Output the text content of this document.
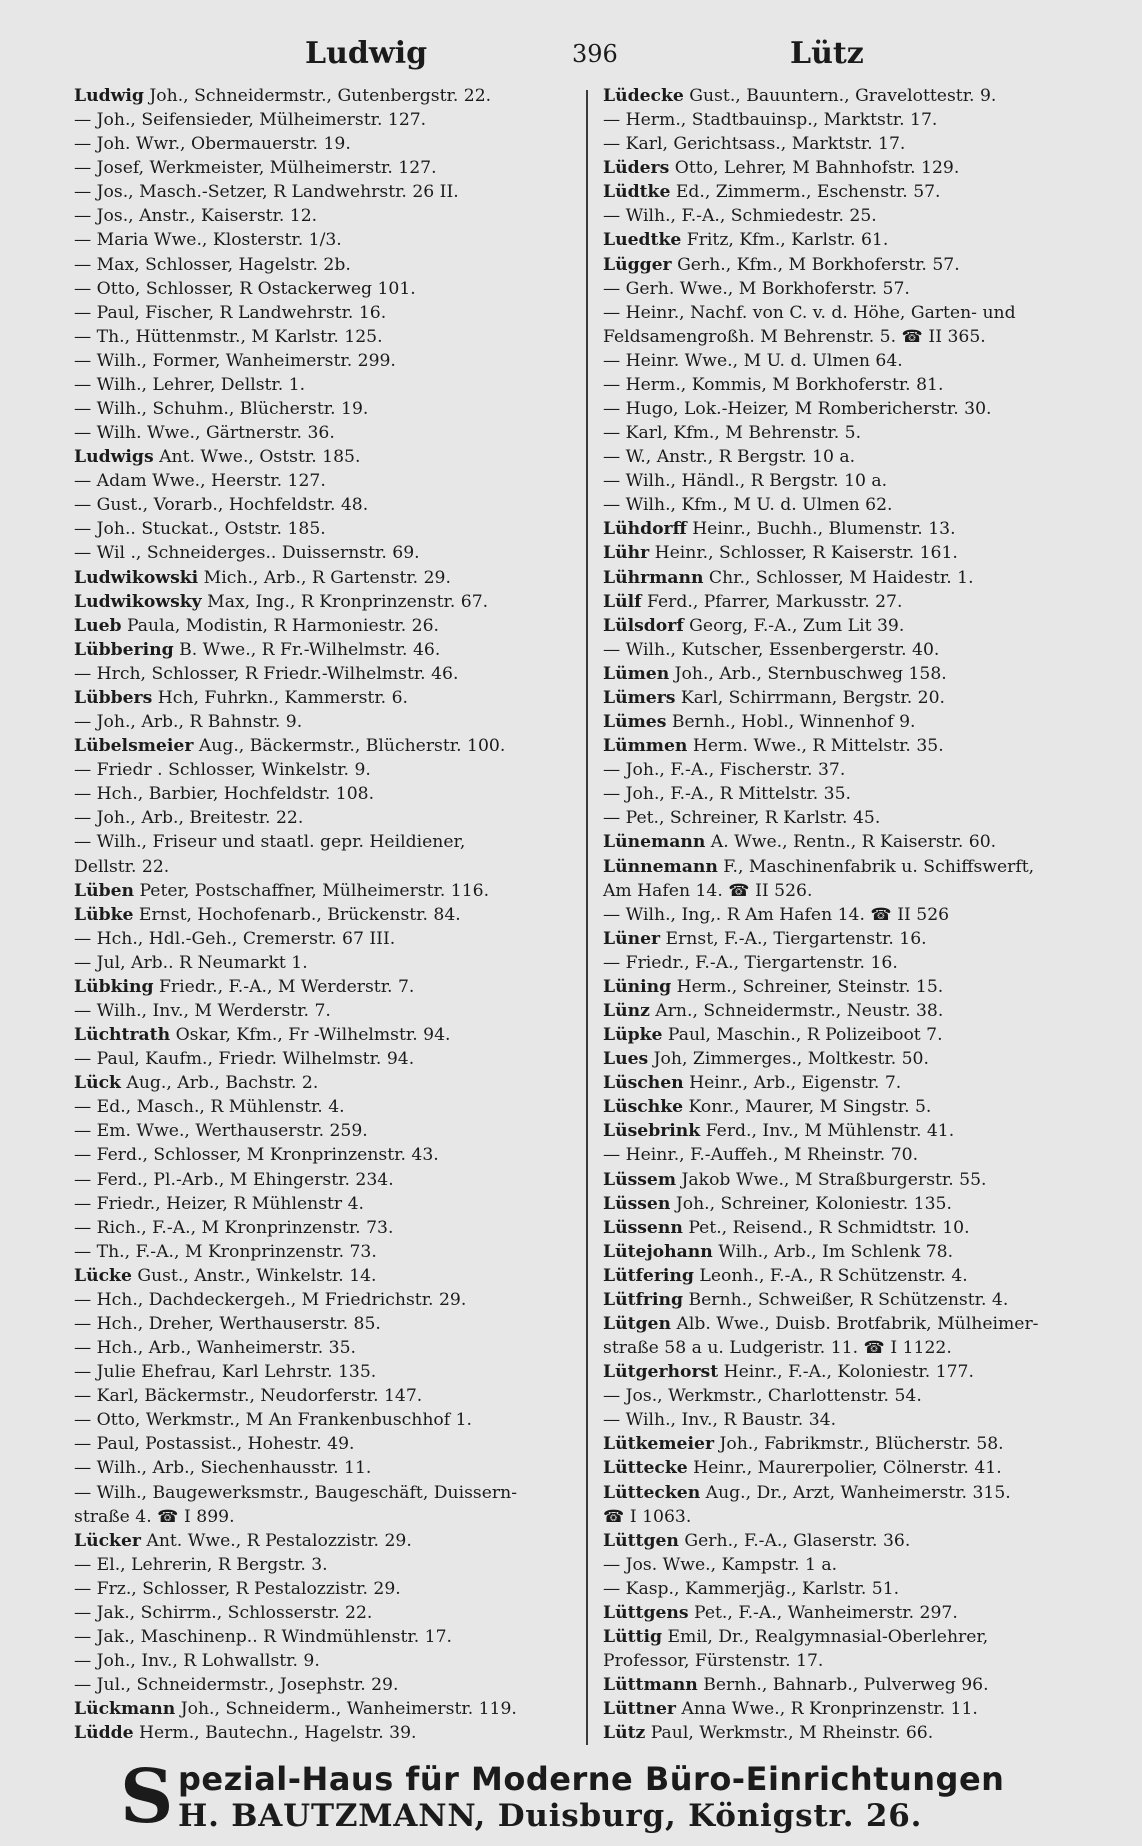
Ludwig	396	Lütz
Ludwig Joh., Schneidermstr., Gutenbergstr. 22.
— Joh., Seifensieder, Mülheimerstr. 127.
— Joh. Wwr., Obermauerstr. 19.
— Josef, Werkmeister, Mülheimerstr. 127.
— Jos., Masch.-Setzer, R Landwehrstr. 26 II.
— Jos., Anstr., Kaiserstr. 12.
— Maria Wwe., Klosterstr. 1/3.
— Max, Schlosser, Hagelstr. 2b.
— Otto, Schlosser, R Ostackerweg 101.
— Paul, Fischer, R Landwehrstr. 16.
— Th., Hüttenmstr., M Karlstr. 125.
— Wilh., Former, Wanheimerstr. 299.
— Wilh., Lehrer, Dellstr. 1.
— Wilh., Schuhm., Blücherstr. 19.
— Wilh. Wwe., Gärtnerstr. 36.
Ludwigs Ant. Wwe., Oststr. 185.
— Adam Wwe., Heerstr. 127.
— Gust., Vorarb., Hochfeldstr. 48.
— Joh.. Stuckat., Oststr. 185.
— Wil ., Schneiderges.. Duissernstr. 69.
Ludwikowski Mich., Arb., R Gartenstr. 29.
Ludwikowsky Max, Ing., R Kronprinzenstr. 67.
Lueb Paula, Modistin, R Harmoniestr. 26.
Lübbering B. Wwe., R Fr.-Wilhelmstr. 46.
— Hrch, Schlosser, R Friedr.-Wilhelmstr. 46.
Lübbers Hch, Fuhrkn., Kammerstr. 6.
— Joh., Arb., R Bahnstr. 9.
Lübelsmeier Aug., Bäckermstr., Blücherstr. 100.
— Friedr . Schlosser, Winkelstr. 9.
— Hch., Barbier, Hochfeldstr. 108.
— Joh., Arb., Breitestr. 22.
— Wilh., Friseur und staatl. gepr. Heildiener,
Dellstr. 22.
Lüben Peter, Postschaffner, Mülheimerstr. 116.
Lübke Ernst, Hochofenarb., Brückenstr. 84.
— Hch., Hdl.-Geh., Cremerstr. 67 III.
— Jul, Arb.. R Neumarkt 1.
Lübking Friedr., F.-A., M Werderstr. 7.
— Wilh., Inv., M Werderstr. 7.
Lüchtrath Oskar, Kfm., Fr -Wilhelmstr. 94.
— Paul, Kaufm., Friedr. Wilhelmstr. 94.
Lück Aug., Arb., Bachstr. 2.
— Ed., Masch., R Mühlenstr. 4.
— Em. Wwe., Werthauserstr. 259.
— Ferd., Schlosser, M Kronprinzenstr. 43.
— Ferd., Pl.-Arb., M Ehingerstr. 234.
— Friedr., Heizer, R Mühlenstr 4.
— Rich., F.-A., M Kronprinzenstr. 73.
— Th., F.-A., M Kronprinzenstr. 73.
Lücke Gust., Anstr., Winkelstr. 14.
— Hch., Dachdeckergeh., M Friedrichstr. 29.
— Hch., Dreher, Werthauserstr. 85.
— Hch., Arb., Wanheimerstr. 35.
— Julie Ehefrau, Karl Lehrstr. 135.
— Karl, Bäckermstr., Neudorferstr. 147.
— Otto, Werkmstr., M An Frankenbuschhof 1.
— Paul, Postassist., Hohestr. 49.
— Wilh., Arb., Siechenhausstr. 11.
— Wilh., Baugewerksmstr., Baugeschäft, Duissern-
straße 4. ☎ I 899.
Lücker Ant. Wwe., R Pestalozzistr. 29.
— El., Lehrerin, R Bergstr. 3.
— Frz., Schlosser, R Pestalozzistr. 29.
— Jak., Schirrm., Schlosserstr. 22.
— Jak., Maschinenp.. R Windmühlenstr. 17.
— Joh., Inv., R Lohwallstr. 9.
— Jul., Schneidermstr., Josephstr. 29.
Lückmann Joh., Schneiderm., Wanheimerstr. 119.
Lüdde Herm., Bautechn., Hagelstr. 39.
Lüdecke Gust., Bauuntern., Gravelottestr. 9.
— Herm., Stadtbauinsp., Marktstr. 17.
— Karl, Gerichtsass., Marktstr. 17.
Lüders Otto, Lehrer, M Bahnhofstr. 129.
Lüdtke Ed., Zimmerm., Eschenstr. 57.
— Wilh., F.-A., Schmiedestr. 25.
Luedtke Fritz, Kfm., Karlstr. 61.
Lügger Gerh., Kfm., M Borkhoferstr. 57.
— Gerh. Wwe., M Borkhoferstr. 57.
— Heinr., Nachf. von C. v. d. Höhe, Garten- und
Feldsamengroßh. M Behrenstr. 5. ☎ II 365.
— Heinr. Wwe., M U. d. Ulmen 64.
— Herm., Kommis, M Borkhoferstr. 81.
— Hugo, Lok.-Heizer, M Rombericherstr. 30.
— Karl, Kfm., M Behrenstr. 5.
— W., Anstr., R Bergstr. 10 a.
— Wilh., Händl., R Bergstr. 10 a.
— Wilh., Kfm., M U. d. Ulmen 62.
Lühdorff Heinr., Buchh., Blumenstr. 13.
Lühr Heinr., Schlosser, R Kaiserstr. 161.
Lührmann Chr., Schlosser, M Haidestr. 1.
Lülf Ferd., Pfarrer, Markusstr. 27.
Lülsdorf Georg, F.-A., Zum Lit 39.
— Wilh., Kutscher, Essenbergerstr. 40.
Lümen Joh., Arb., Sternbuschweg 158.
Lümers Karl, Schirrmann, Bergstr. 20.
Lümes Bernh., Hobl., Winnenhof 9.
Lümmen Herm. Wwe., R Mittelstr. 35.
— Joh., F.-A., Fischerstr. 37.
— Joh., F.-A., R Mittelstr. 35.
— Pet., Schreiner, R Karlstr. 45.
Lünemann A. Wwe., Rentn., R Kaiserstr. 60.
Lünnemann F., Maschinenfabrik u. Schiffswerft,
Am Hafen 14. ☎ II 526.
— Wilh., Ing,. R Am Hafen 14. ☎ II 526
Lüner Ernst, F.-A., Tiergartenstr. 16.
— Friedr., F.-A., Tiergartenstr. 16.
Lüning Herm., Schreiner, Steinstr. 15.
Lünz Arn., Schneidermstr., Neustr. 38.
Lüpke Paul, Maschin., R Polizeiboot 7.
Lues Joh, Zimmerges., Moltkestr. 50.
Lüschen Heinr., Arb., Eigenstr. 7.
Lüschke Konr., Maurer, M Singstr. 5.
Lüsebrink Ferd., Inv., M Mühlenstr. 41.
— Heinr., F.-Auffeh., M Rheinstr. 70.
Lüssem Jakob Wwe., M Straßburgerstr. 55.
Lüssen Joh., Schreiner, Koloniestr. 135.
Lüssenn Pet., Reisend., R Schmidtstr. 10.
Lütejohann Wilh., Arb., Im Schlenk 78.
Lütfering Leonh., F.-A., R Schützenstr. 4.
Lütfring Bernh., Schweißer, R Schützenstr. 4.
Lütgen Alb. Wwe., Duisb. Brotfabrik, Mülheimer-
straße 58 a u. Ludgeristr. 11. ☎ I 1122.
Lütgerhorst Heinr., F.-A., Koloniestr. 177.
— Jos., Werkmstr., Charlottenstr. 54.
— Wilh., Inv., R Baustr. 34.
Lütkemeier Joh., Fabrikmstr., Blücherstr. 58.
Lüttecke Heinr., Maurerpolier, Cölnerstr. 41.
Lüttecken Aug., Dr., Arzt, Wanheimerstr. 315.
☎ I 1063.
Lüttgen Gerh., F.-A., Glaserstr. 36.
— Jos. Wwe., Kampstr. 1 a.
— Kasp., Kammerjäg., Karlstr. 51.
Lüttgens Pet., F.-A., Wanheimerstr. 297.
Lüttig Emil, Dr., Realgymnasial-Oberlehrer,
Professor, Fürstenstr. 17.
Lüttmann Bernh., Bahnarb., Pulverweg 96.
Lüttner Anna Wwe., R Kronprinzenstr. 11.
Lütz Paul, Werkmstr., M Rheinstr. 66.
S pezial-Haus für Moderne Büro-Einrichtungen
H. BAUTZMANN, Duisburg, Königstr. 26.
